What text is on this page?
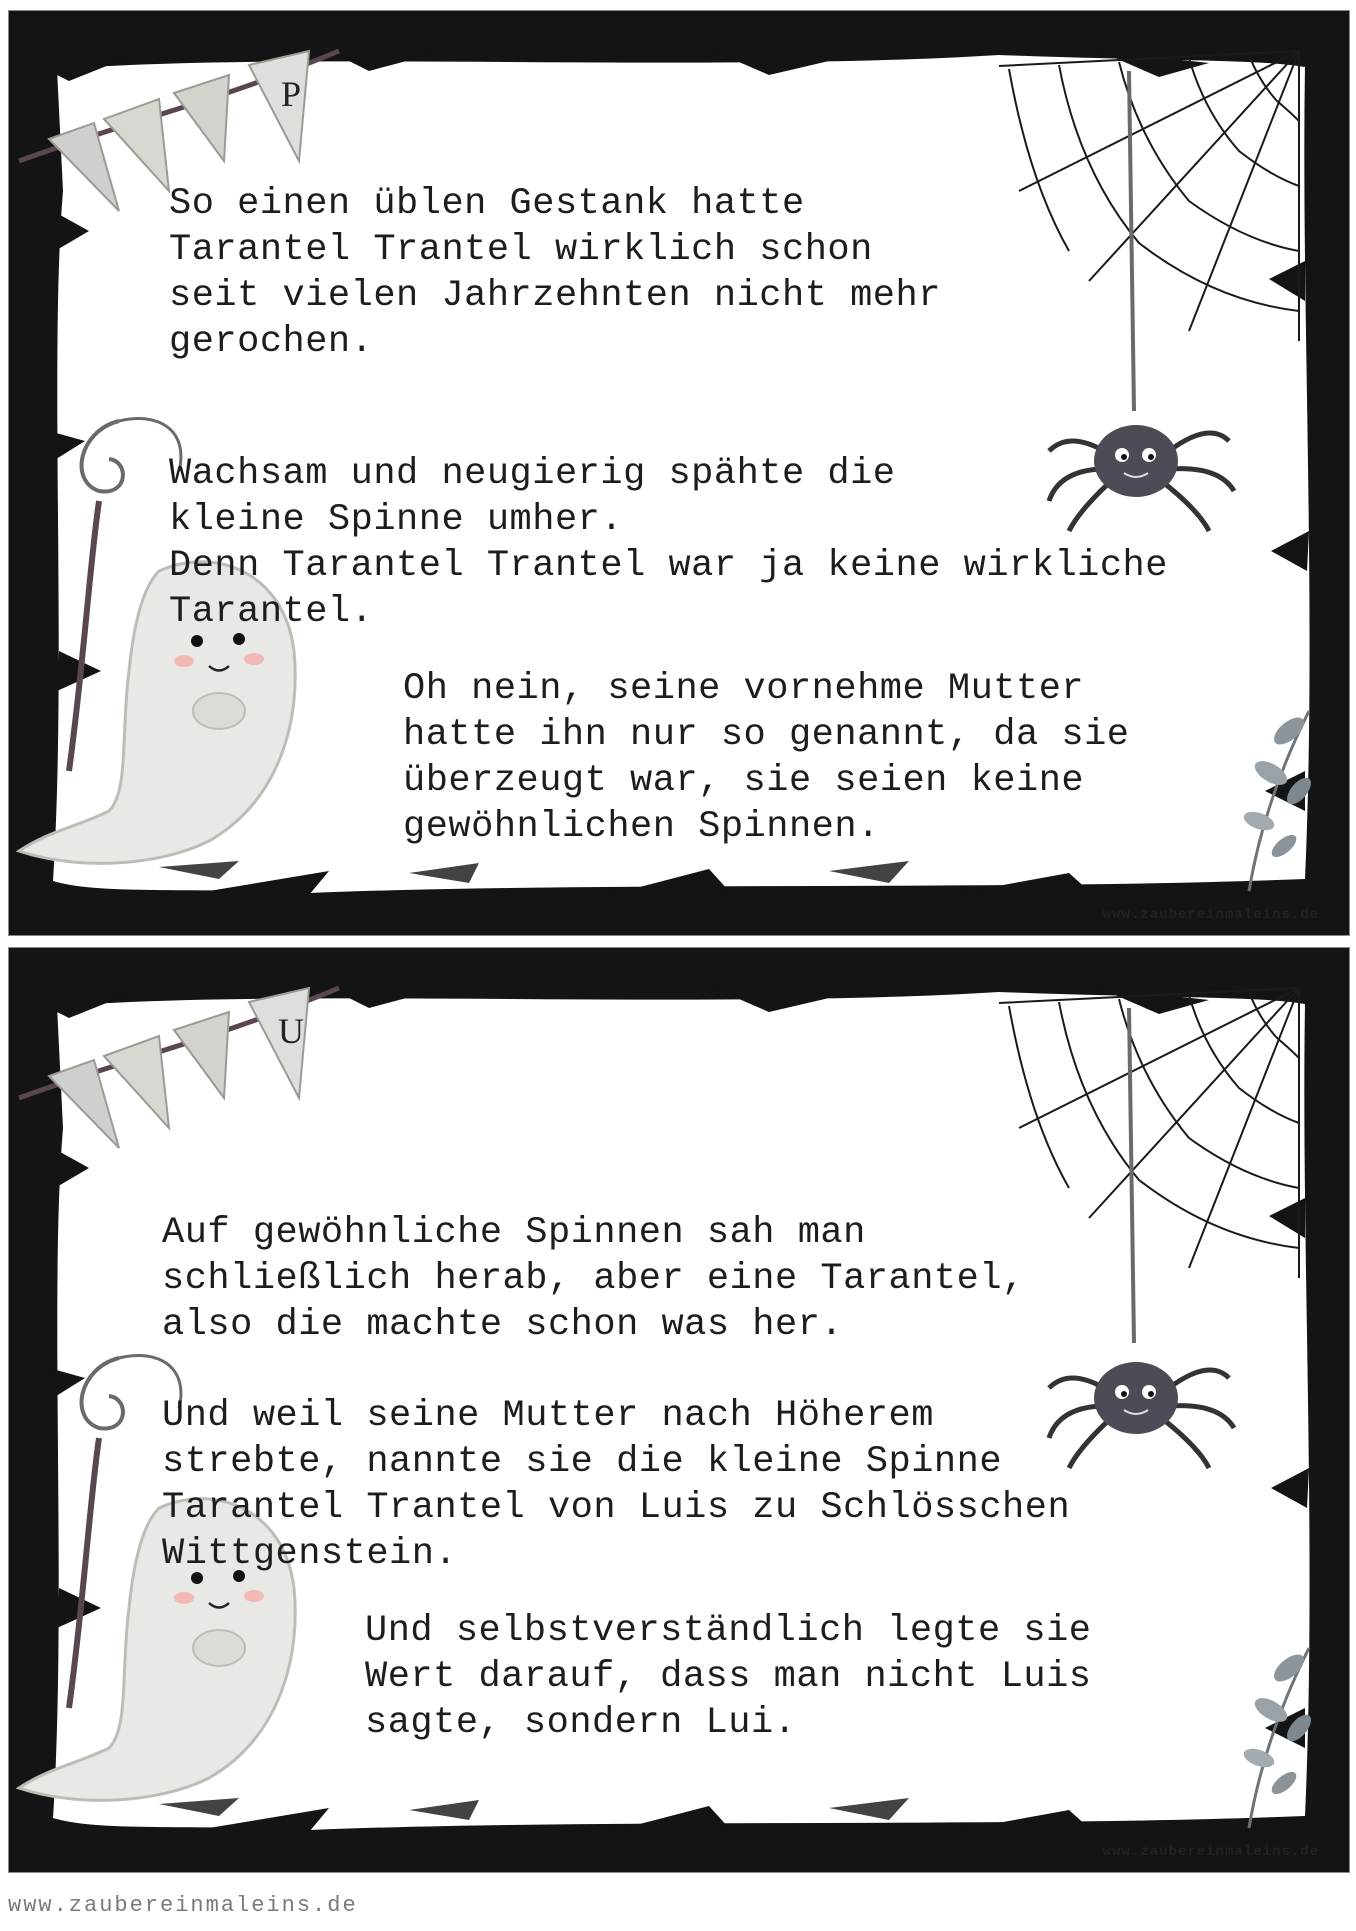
P

So einen üblen Gestank hatte
Tarantel Trantel wirklich schon
seit vielen Jahrzehnten nicht mehr
gerochen.

Wachsam und neugierig spähte die
kleine Spinne umher.
Denn Tarantel Trantel war ja keine wirkliche
Tarantel.

Oh nein, seine vornehme Mutter
hatte ihn nur so genannt, da sie
überzeugt war, sie seien keine
gewöhnlichen Spinnen.

www.zaubereinmaleins.de
U

Auf gewöhnliche Spinnen sah man
schließlich herab, aber eine Tarantel,
also die machte schon was her.

Und weil seine Mutter nach Höherem
strebte, nannte sie die kleine Spinne
Tarantel Trantel von Luis zu Schlösschen
Wittgenstein.

Und selbstverständlich legte sie
Wert darauf, dass man nicht Luis
sagte, sondern Lui.

www.zaubereinmaleins.de
www.zaubereinmaleins.de
